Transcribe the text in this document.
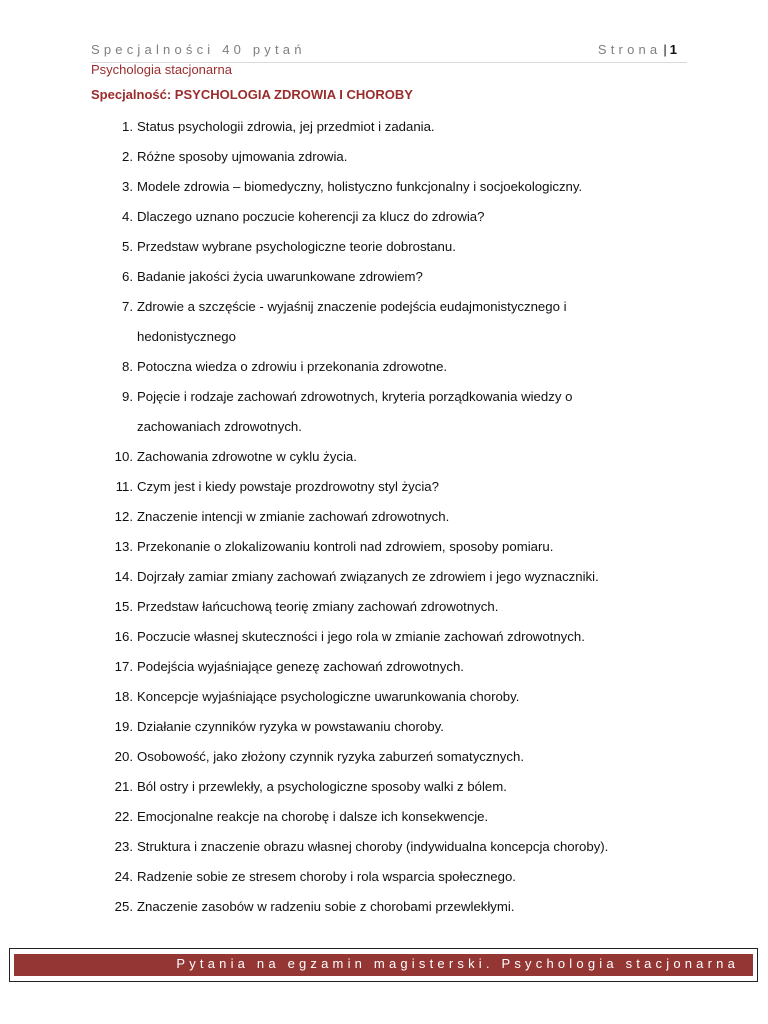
Specjalności 40 pytań	Strona | 1
Psychologia stacjonarna
Specjalność: PSYCHOLOGIA ZDROWIA I CHOROBY
1. Status psychologii zdrowia, jej przedmiot i zadania.
2. Różne sposoby ujmowania zdrowia.
3. Modele zdrowia – biomedyczny, holistyczno funkcjonalny i socjoekologiczny.
4. Dlaczego uznano poczucie koherencji za klucz do zdrowia?
5. Przedstaw wybrane psychologiczne teorie dobrostanu.
6. Badanie jakości życia uwarunkowane zdrowiem?
7. Zdrowie a szczęście - wyjaśnij znaczenie podejścia eudajmonistycznego i
hedonistycznego
8. Potoczna wiedza o zdrowiu i przekonania zdrowotne.
9. Pojęcie i rodzaje zachowań zdrowotnych, kryteria porządkowania wiedzy o
zachowaniach zdrowotnych.
10. Zachowania zdrowotne w cyklu życia.
11. Czym jest i kiedy powstaje prozdrowotny styl życia?
12. Znaczenie intencji w zmianie zachowań zdrowotnych.
13. Przekonanie o zlokalizowaniu kontroli nad zdrowiem, sposoby pomiaru.
14. Dojrzały zamiar zmiany zachowań związanych ze zdrowiem i jego wyznaczniki.
15. Przedstaw łańcuchową teorię zmiany zachowań zdrowotnych.
16. Poczucie własnej skuteczności i jego rola w zmianie zachowań zdrowotnych.
17. Podejścia wyjaśniające genezę zachowań zdrowotnych.
18. Koncepcje wyjaśniające psychologiczne uwarunkowania choroby.
19. Działanie czynników ryzyka w powstawaniu choroby.
20. Osobowość, jako złożony czynnik ryzyka zaburzeń somatycznych.
21. Ból ostry i przewlekły, a psychologiczne sposoby walki z bólem.
22. Emocjonalne reakcje na chorobę i dalsze ich konsekwencje.
23. Struktura i znaczenie obrazu własnej choroby (indywidualna koncepcja choroby).
24. Radzenie sobie ze stresem choroby i rola wsparcia społecznego.
25. Znaczenie zasobów w radzeniu sobie z chorobami przewlekłymi.
Pytania na egzamin magisterski. Psychologia stacjonarna
